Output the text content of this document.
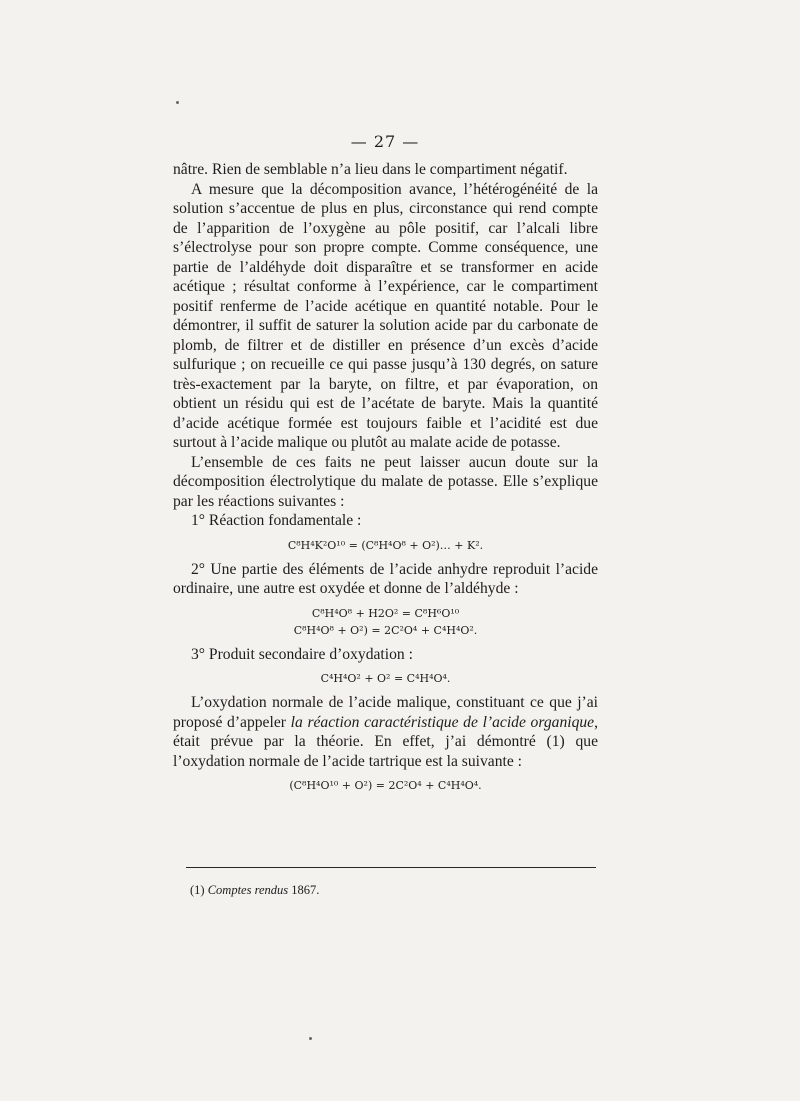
— 27 —

nâtre. Rien de semblable n’a lieu dans le compartiment négatif.

A mesure que la décomposition avance, l’hétérogénéité de la solution s’accentue de plus en plus, circonstance qui rend compte de l’apparition de l’oxygène au pôle positif, car l’alcali libre s’électrolyse pour son propre compte. Comme conséquence, une partie de l’aldéhyde doit disparaître et se transformer en acide acétique ; résultat conforme à l’expérience, car le compartiment positif renferme de l’acide acétique en quantité notable. Pour le démontrer, il suffit de saturer la solution acide par du carbonate de plomb, de filtrer et de distiller en présence d’un excès d’acide sulfurique ; on recueille ce qui passe jusqu’à 130 degrés, on sature très-exactement par la baryte, on filtre, et par évaporation, on obtient un résidu qui est de l’acétate de baryte. Mais la quantité d’acide acétique formée est toujours faible et l’acidité est due surtout à l’acide malique ou plutôt au malate acide de potasse.

L’ensemble de ces faits ne peut laisser aucun doute sur la décomposition électrolytique du malate de potasse. Elle s’explique par les réactions suivantes :

1° Réaction fondamentale :

C⁸H⁴K²O¹⁰ = (C⁸H⁴O⁸ + O²)… + K².

2° Une partie des éléments de l’acide anhydre reproduit l’acide ordinaire, une autre est oxydée et donne de l’aldéhyde :

C⁸H⁴O⁸ + H2O² = C⁸H⁶O¹⁰
C⁸H⁴O⁸ + O²) = 2C²O⁴ + C⁴H⁴O².

3° Produit secondaire d’oxydation :

C⁴H⁴O² + O² = C⁴H⁴O⁴.

L’oxydation normale de l’acide malique, constituant ce que j’ai proposé d’appeler la réaction caractéristique de l’acide organique, était prévue par la théorie. En effet, j’ai démontré (1) que l’oxydation normale de l’acide tartrique est la suivante :

(C⁸H⁴O¹⁰ + O²) = 2C²O⁴ + C⁴H⁴O⁴.
(1) Comptes rendus 1867.
